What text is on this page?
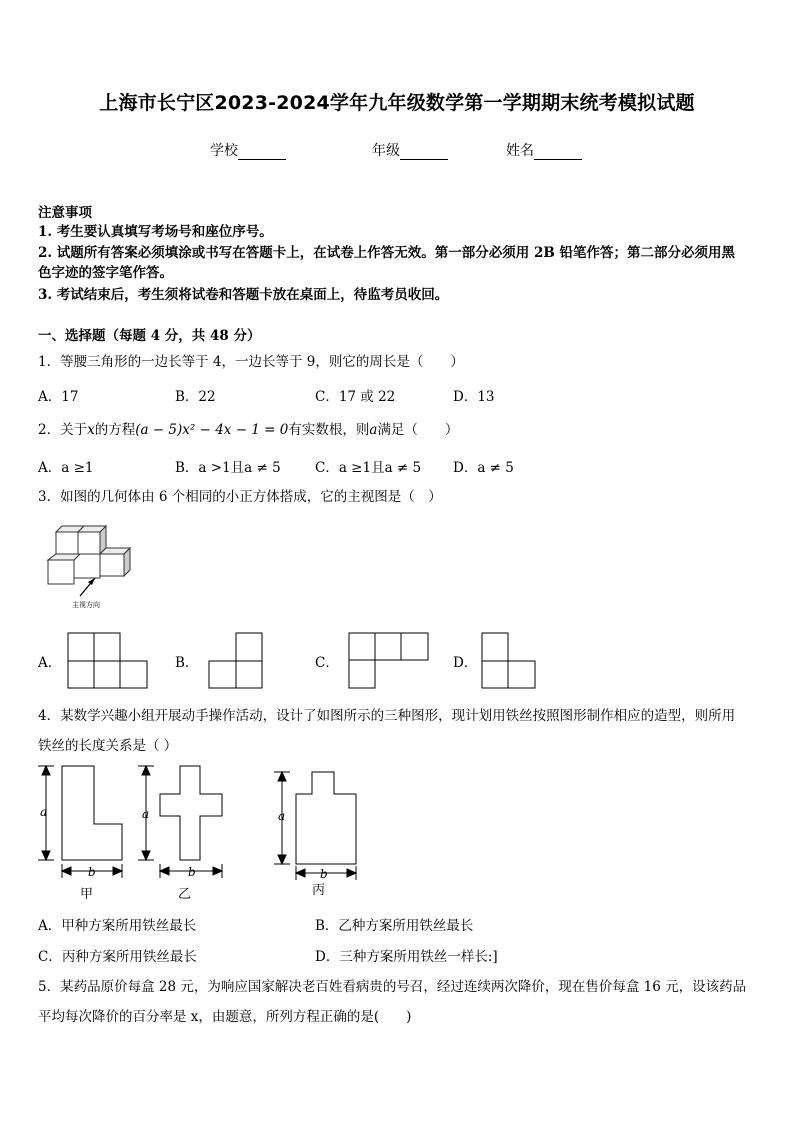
上海市长宁区2023-2024学年九年级数学第一学期期末统考模拟试题
学校	年级	姓名
注意事项
1. 考生要认真填写考场号和座位序号。
2. 试题所有答案必须填涂或书写在答题卡上，在试卷上作答无效。第一部分必须用 2B 铅笔作答；第二部分必须用黑
色字迹的签字笔作答。
3. 考试结束后，考生须将试卷和答题卡放在桌面上，待监考员收回。
一、选择题（每题 4 分，共 48 分）
1．等腰三角形的一边长等于 4，一边长等于 9，则它的周长是（　　）
A．17	B．22	C．17 或 22	D．13
2．关于x的方程(a − 5)x² − 4x − 1 = 0有实数根，则a满足（　　）
A．a ≥1	B．a >1且a ≠ 5	C．a ≥1且a ≠ 5 D．a ≠ 5
3．如图的几何体由 6 个相同的小正方体搭成，它的主视图是（　）
主视方向
A．	B．	C．	D．
4．某数学兴趣小组开展动手操作活动，设计了如图所示的三种图形，现计划用铁丝按照图形制作相应的造型，则所用
铁丝的长度关系是（ ）
a
b
甲
a
b
乙
a
b
丙
A．甲种方案所用铁丝最长	B．乙种方案所用铁丝最长
C．丙种方案所用铁丝最长	D．三种方案所用铁丝一样长:]
5．某药品原价每盒 28 元，为响应国家解决老百姓看病贵的号召，经过连续两次降价，现在售价每盒 16 元，设该药品
平均每次降价的百分率是 x，由题意，所列方程正确的是(　　)
